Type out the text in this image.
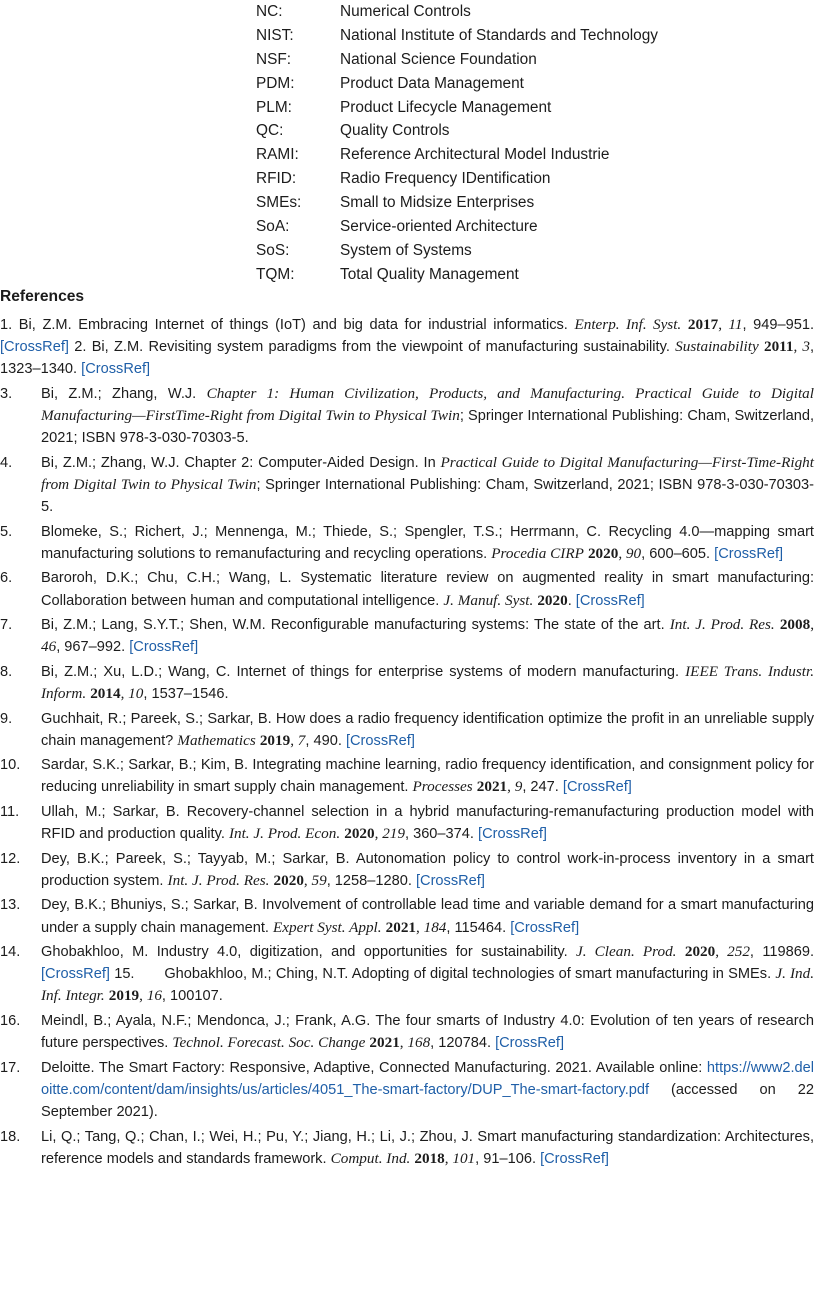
NC:	Numerical Controls
NIST:	National Institute of Standards and Technology
NSF:	National Science Foundation
PDM:	Product Data Management
PLM:	Product Lifecycle Management
QC:	Quality Controls
RAMI:	Reference Architectural Model Industrie
RFID:	Radio Frequency IDentification
SMEs:	Small to Midsize Enterprises
SoA:	Service-oriented Architecture
SoS:	System of Systems
TQM:	Total Quality Management
References
1. Bi, Z.M. Embracing Internet of things (IoT) and big data for industrial informatics. Enterp. Inf. Syst. 2017, 11, 949–951. [CrossRef] 2. Bi, Z.M. Revisiting system paradigms from the viewpoint of manufacturing sustainability. Sustainability 2011, 3, 1323–1340. [CrossRef]
3.	Bi, Z.M.; Zhang, W.J. Chapter 1: Human Civilization, Products, and Manufacturing. Practical Guide to Digital Manufacturing—FirstTime-Right from Digital Twin to Physical Twin; Springer International Publishing: Cham, Switzerland, 2021; ISBN 978-3-030-70303-5.
4.	Bi, Z.M.; Zhang, W.J. Chapter 2: Computer-Aided Design. In Practical Guide to Digital Manufacturing—First-Time-Right from Digital Twin to Physical Twin; Springer International Publishing: Cham, Switzerland, 2021; ISBN 978-3-030-70303-5.
5.	Blomeke, S.; Richert, J.; Mennenga, M.; Thiede, S.; Spengler, T.S.; Herrmann, C. Recycling 4.0—mapping smart manufacturing solutions to remanufacturing and recycling operations. Procedia CIRP 2020, 90, 600–605. [CrossRef]
6.	Baroroh, D.K.; Chu, C.H.; Wang, L. Systematic literature review on augmented reality in smart manufacturing: Collaboration between human and computational intelligence. J. Manuf. Syst. 2020. [CrossRef]
7.	Bi, Z.M.; Lang, S.Y.T.; Shen, W.M. Reconfigurable manufacturing systems: The state of the art. Int. J. Prod. Res. 2008, 46, 967–992. [CrossRef]
8.	Bi, Z.M.; Xu, L.D.; Wang, C. Internet of things for enterprise systems of modern manufacturing. IEEE Trans. Industr. Inform. 2014, 10, 1537–1546.
9.	Guchhait, R.; Pareek, S.; Sarkar, B. How does a radio frequency identification optimize the profit in an unreliable supply chain management? Mathematics 2019, 7, 490. [CrossRef]
10.	Sardar, S.K.; Sarkar, B.; Kim, B. Integrating machine learning, radio frequency identification, and consignment policy for reducing unreliability in smart supply chain management. Processes 2021, 9, 247. [CrossRef]
11.	Ullah, M.; Sarkar, B. Recovery-channel selection in a hybrid manufacturing-remanufacturing production model with RFID and production quality. Int. J. Prod. Econ. 2020, 219, 360–374. [CrossRef]
12.	Dey, B.K.; Pareek, S.; Tayyab, M.; Sarkar, B. Autonomation policy to control work-in-process inventory in a smart production system. Int. J. Prod. Res. 2020, 59, 1258–1280. [CrossRef]
13.	Dey, B.K.; Bhuniys, S.; Sarkar, B. Involvement of controllable lead time and variable demand for a smart manufacturing under a supply chain management. Expert Syst. Appl. 2021, 184, 115464. [CrossRef]
14.	Ghobakhloo, M. Industry 4.0, digitization, and opportunities for sustainability. J. Clean. Prod. 2020, 252, 119869. [CrossRef] 15. Ghobakhloo, M.; Ching, N.T. Adopting of digital technologies of smart manufacturing in SMEs. J. Ind. Inf. Integr. 2019, 16, 100107.
16.	Meindl, B.; Ayala, N.F.; Mendonca, J.; Frank, A.G. The four smarts of Industry 4.0: Evolution of ten years of research future perspectives. Technol. Forecast. Soc. Change 2021, 168, 120784. [CrossRef]
17.	Deloitte. The Smart Factory: Responsive, Adaptive, Connected Manufacturing. 2021. Available online: https://www2.deloitte.com/content/dam/insights/us/articles/4051_The-smart-factory/DUP_The-smart-factory.pdf (accessed on 22 September 2021).
18.	Li, Q.; Tang, Q.; Chan, I.; Wei, H.; Pu, Y.; Jiang, H.; Li, J.; Zhou, J. Smart manufacturing standardization: Architectures, reference models and standards framework. Comput. Ind. 2018, 101, 91–106. [CrossRef]
